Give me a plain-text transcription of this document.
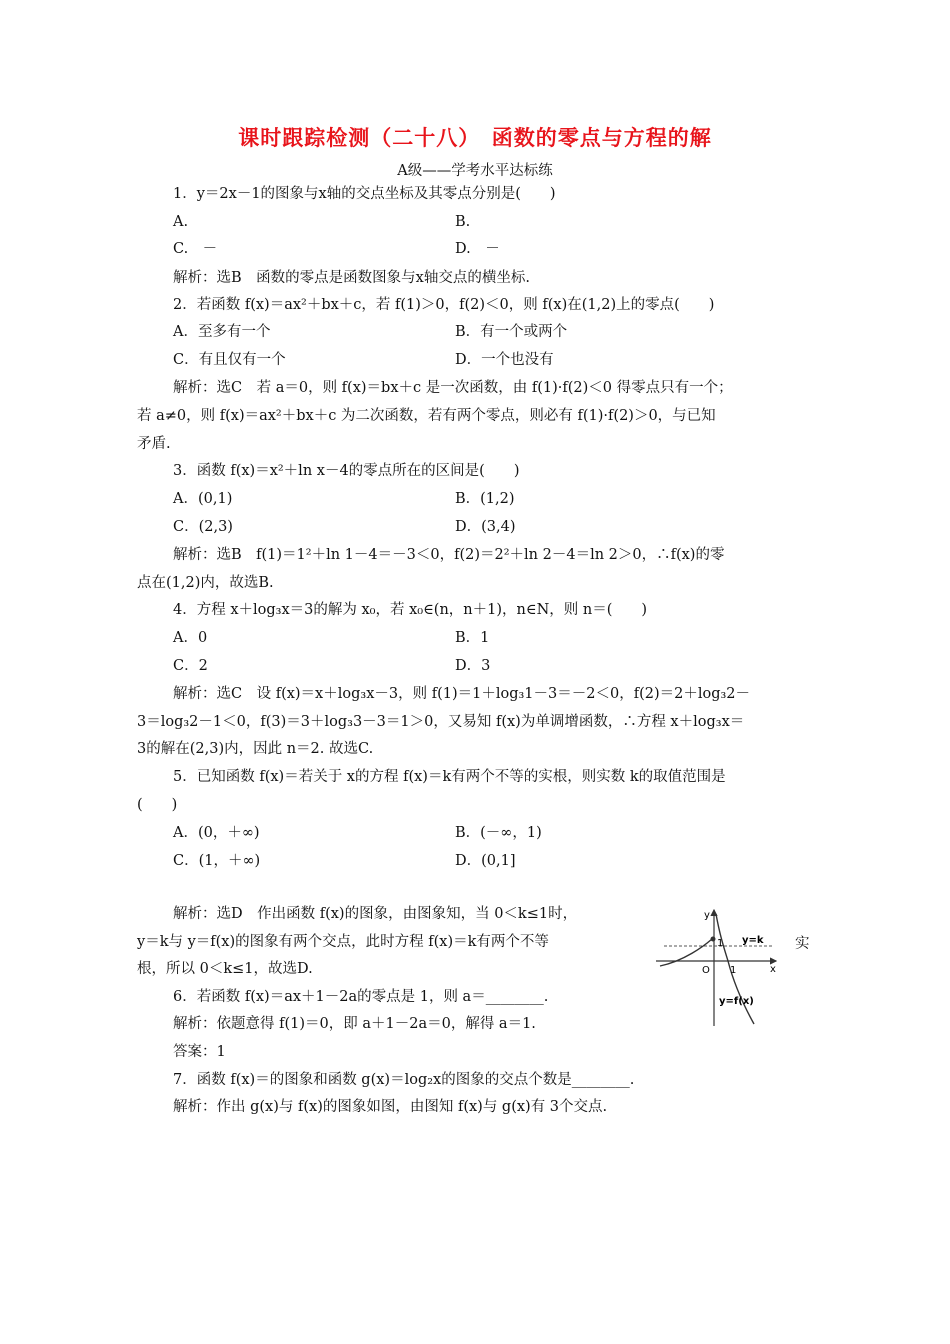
课时跟踪检测（二十八）　函数的零点与方程的解
A级——学考水平达标练
1．y＝2x－1的图象与x轴的交点坐标及其零点分别是(　　)
A.	B.
C.　－	D.　－
解析：选B　函数的零点是函数图象与x轴交点的横坐标.
2．若函数 f(x)＝ax²＋bx＋c，若 f(1)＞0，f(2)＜0，则 f(x)在(1,2)上的零点(　　)
A．至多有一个	B．有一个或两个
C．有且仅有一个	D．一个也没有
解析：选C　若 a＝0，则 f(x)＝bx＋c 是一次函数，由 f(1)·f(2)＜0 得零点只有一个；
若 a≠0，则 f(x)＝ax²＋bx＋c 为二次函数，若有两个零点，则必有 f(1)·f(2)＞0，与已知
矛盾.
3．函数 f(x)＝x²＋ln x－4的零点所在的区间是(　　)
A．(0,1)	B．(1,2)
C．(2,3)	D．(3,4)
解析：选B　f(1)＝1²＋ln 1－4＝－3＜0，f(2)＝2²＋ln 2－4＝ln 2＞0，∴f(x)的零
点在(1,2)内，故选B.
4．方程 x＋log₃x＝3的解为 x₀，若 x₀∈(n，n＋1)，n∈N，则 n＝(　　)
A．0	B．1
C．2	D．3
解析：选C　设 f(x)＝x＋log₃x－3，则 f(1)＝1＋log₃1－3＝－2＜0，f(2)＝2＋log₃2－
3＝log₃2－1＜0，f(3)＝3＋log₃3－3＝1＞0，又易知 f(x)为单调增函数，∴方程 x＋log₃x＝
3的解在(2,3)内，因此 n＝2. 故选C.
5．已知函数 f(x)＝若关于 x的方程 f(x)＝k有两个不等的实根，则实数 k的取值范围是
(　　)
A．(0，＋∞)	B．(－∞，1)
C．(1，＋∞)	D．(0,1]
解析：选D　作出函数 f(x)的图象，由图象知，当 0＜k≤1时，
y＝k与 y＝f(x)的图象有两个交点，此时方程 f(x)＝k有两个不等	实
根，所以 0＜k≤1，故选D.
y
x
O
1
1
y=k
y=f(x)
6．若函数 f(x)＝ax＋1－2a的零点是 1，则 a＝________.
解析：依题意得 f(1)＝0，即 a＋1－2a＝0，解得 a＝1.
答案：1
7．函数 f(x)＝的图象和函数 g(x)＝log₂x的图象的交点个数是________.
解析：作出 g(x)与 f(x)的图象如图，由图知 f(x)与 g(x)有 3个交点.
